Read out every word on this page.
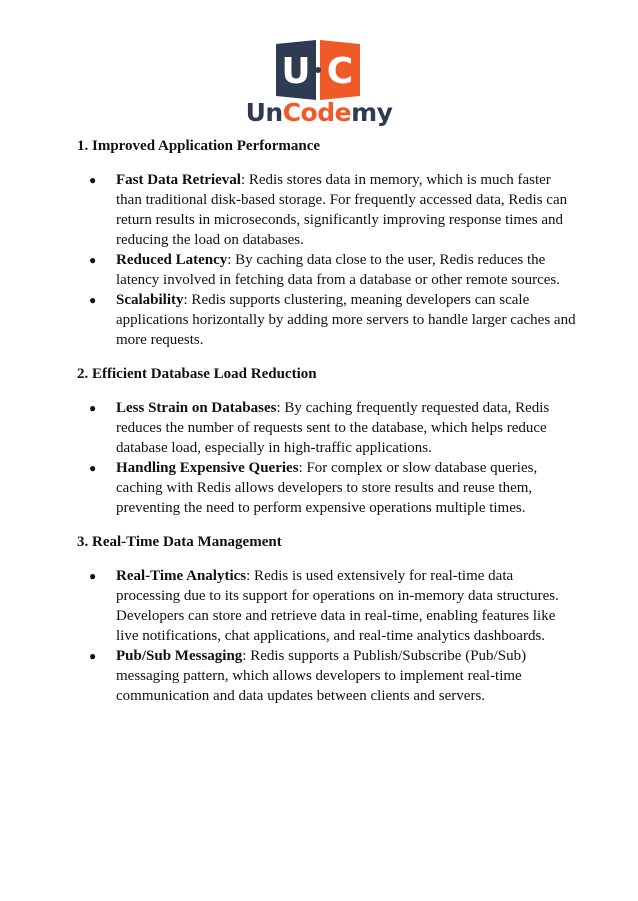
U C
UnCodemy

1. Improved Application Performance

● Fast Data Retrieval: Redis stores data in memory, which is much faster than traditional disk-based storage. For frequently accessed data, Redis can return results in microseconds, significantly improving response times and reducing the load on databases.
● Reduced Latency: By caching data close to the user, Redis reduces the latency involved in fetching data from a database or other remote sources.
● Scalability: Redis supports clustering, meaning developers can scale applications horizontally by adding more servers to handle larger caches and more requests.

2. Efficient Database Load Reduction

● Less Strain on Databases: By caching frequently requested data, Redis reduces the number of requests sent to the database, which helps reduce database load, especially in high-traffic applications.
● Handling Expensive Queries: For complex or slow database queries, caching with Redis allows developers to store results and reuse them, preventing the need to perform expensive operations multiple times.

3. Real-Time Data Management

● Real-Time Analytics: Redis is used extensively for real-time data processing due to its support for operations on in-memory data structures. Developers can store and retrieve data in real-time, enabling features like live notifications, chat applications, and real-time analytics dashboards.
● Pub/Sub Messaging: Redis supports a Publish/Subscribe (Pub/Sub) messaging pattern, which allows developers to implement real-time communication and data updates between clients and servers.
